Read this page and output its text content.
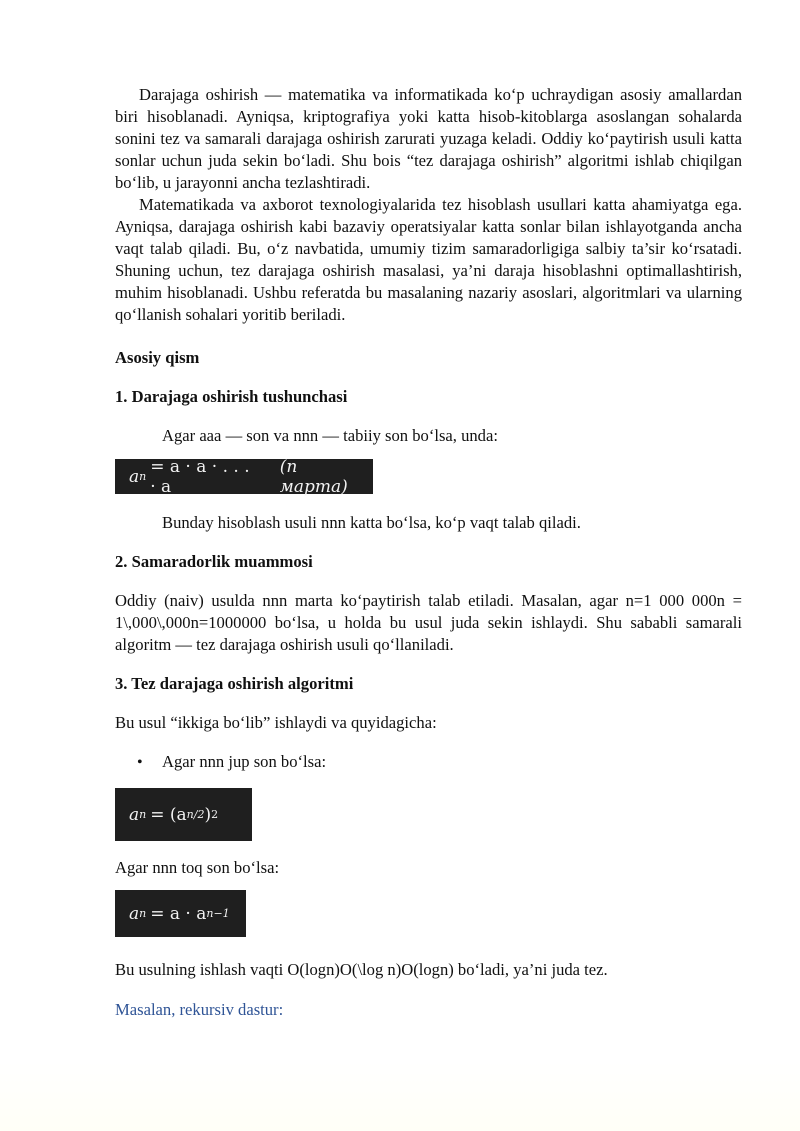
Darajaga oshirish — matematika va informatikada ko‘p uchraydigan asosiy amallardan biri hisoblanadi. Ayniqsa, kriptografiya yoki katta hisob-kitoblarga asoslangan sohalarda sonini tez va samarali darajaga oshirish zarurati yuzaga keladi. Oddiy ko‘paytirish usuli katta sonlar uchun juda sekin bo‘ladi. Shu bois “tez darajaga oshirish” algoritmi ishlab chiqilgan bo‘lib, u jarayonni ancha tezlashtiradi.

Matematikada va axborot texnologiyalarida tez hisoblash usullari katta ahamiyatga ega. Ayniqsa, darajaga oshirish kabi bazaviy operatsiyalar katta sonlar bilan ishlayotganda ancha vaqt talab qiladi. Bu, o‘z navbatida, umumiy tizim samaradorligiga salbiy ta’sir ko‘rsatadi. Shuning uchun, tez darajaga oshirish masalasi, ya’ni daraja hisoblashni optimallashtirish, muhim hisoblanadi. Ushbu referatda bu masalaning nazariy asoslari, algoritmlari va ularning qo‘llanish sohalari yoritib beriladi.

Asosiy qism

1. Darajaga oshirish tushunchasi

Agar aaa — son va nnn — tabiiy son bo‘lsa, unda:

a n = a · a · . . . · a
(n марта)

Bunday hisoblash usuli nnn katta bo‘lsa, ko‘p vaqt talab qiladi.

2. Samaradorlik muammosi

Oddiy (naiv) usulda nnn marta ko‘paytirish talab etiladi. Masalan, agar n=1 000 000n = 1\,000\,000n=1000000 bo‘lsa, u holda bu usul juda sekin ishlaydi. Shu sababli samarali algoritm — tez darajaga oshirish usuli qo‘llaniladi.

3. Tez darajaga oshirish algoritmi

Bu usul “ikkiga bo‘lib” ishlaydi va quyidagicha:

•	Agar nnn jup son bo‘lsa:
a n = (a n/2 ) 2

Agar nnn toq son bo‘lsa:

a n = a · a n−1

Bu usulning ishlash vaqti O(logn)O(\log n)O(logn) bo‘ladi, ya’ni juda tez.

Masalan, rekursiv dastur:
